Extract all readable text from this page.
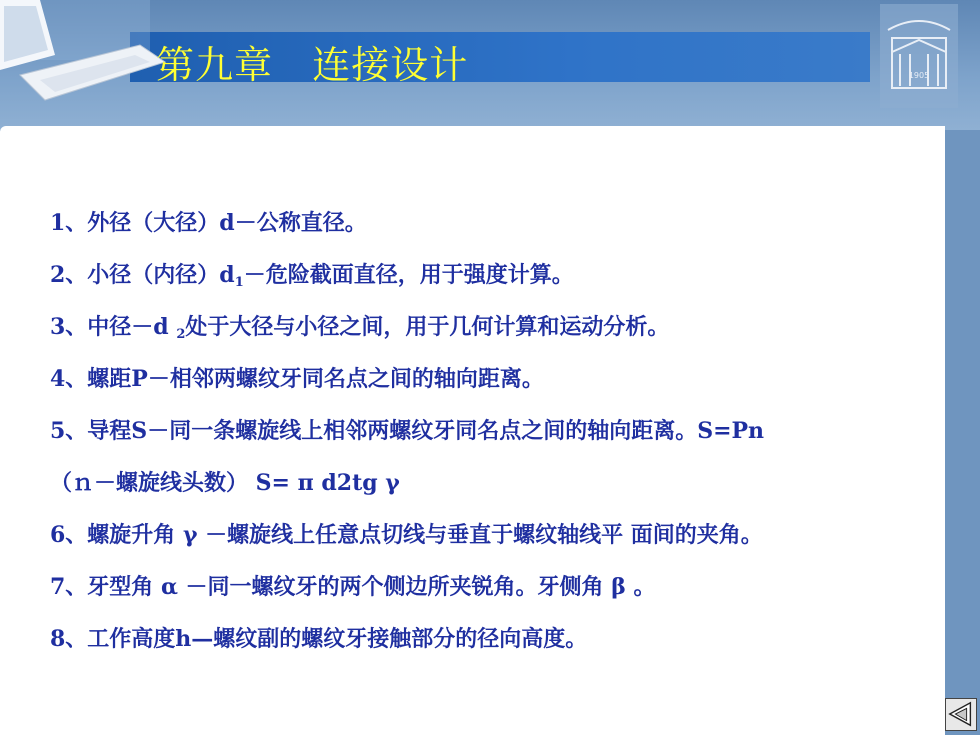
第九章   连接设计	1905
1、外径（大径）d－公称直径。
2、小径（内径）$d_1-$危险截面直径，用于强度计算。
3、中径－d $_2$处于大径与小径之间，用于几何计算和运动分析。
4、螺距P－相邻两螺纹牙同名点之间的轴向距离。
5、导程S－同一条螺旋线上相邻两螺纹牙同名点之间的轴向距离。S=Pn
（ｎ－螺旋线头数） S= π d2tg γ
6、螺旋升角 γ －螺旋线上任意点切线与垂直于螺纹轴线平 面间的夹角。
7、牙型角 α －同一螺纹牙的两个侧边所夹锐角。牙侧角 β 。
8、工作高度h—螺纹副的螺纹牙接触部分的径向高度。
